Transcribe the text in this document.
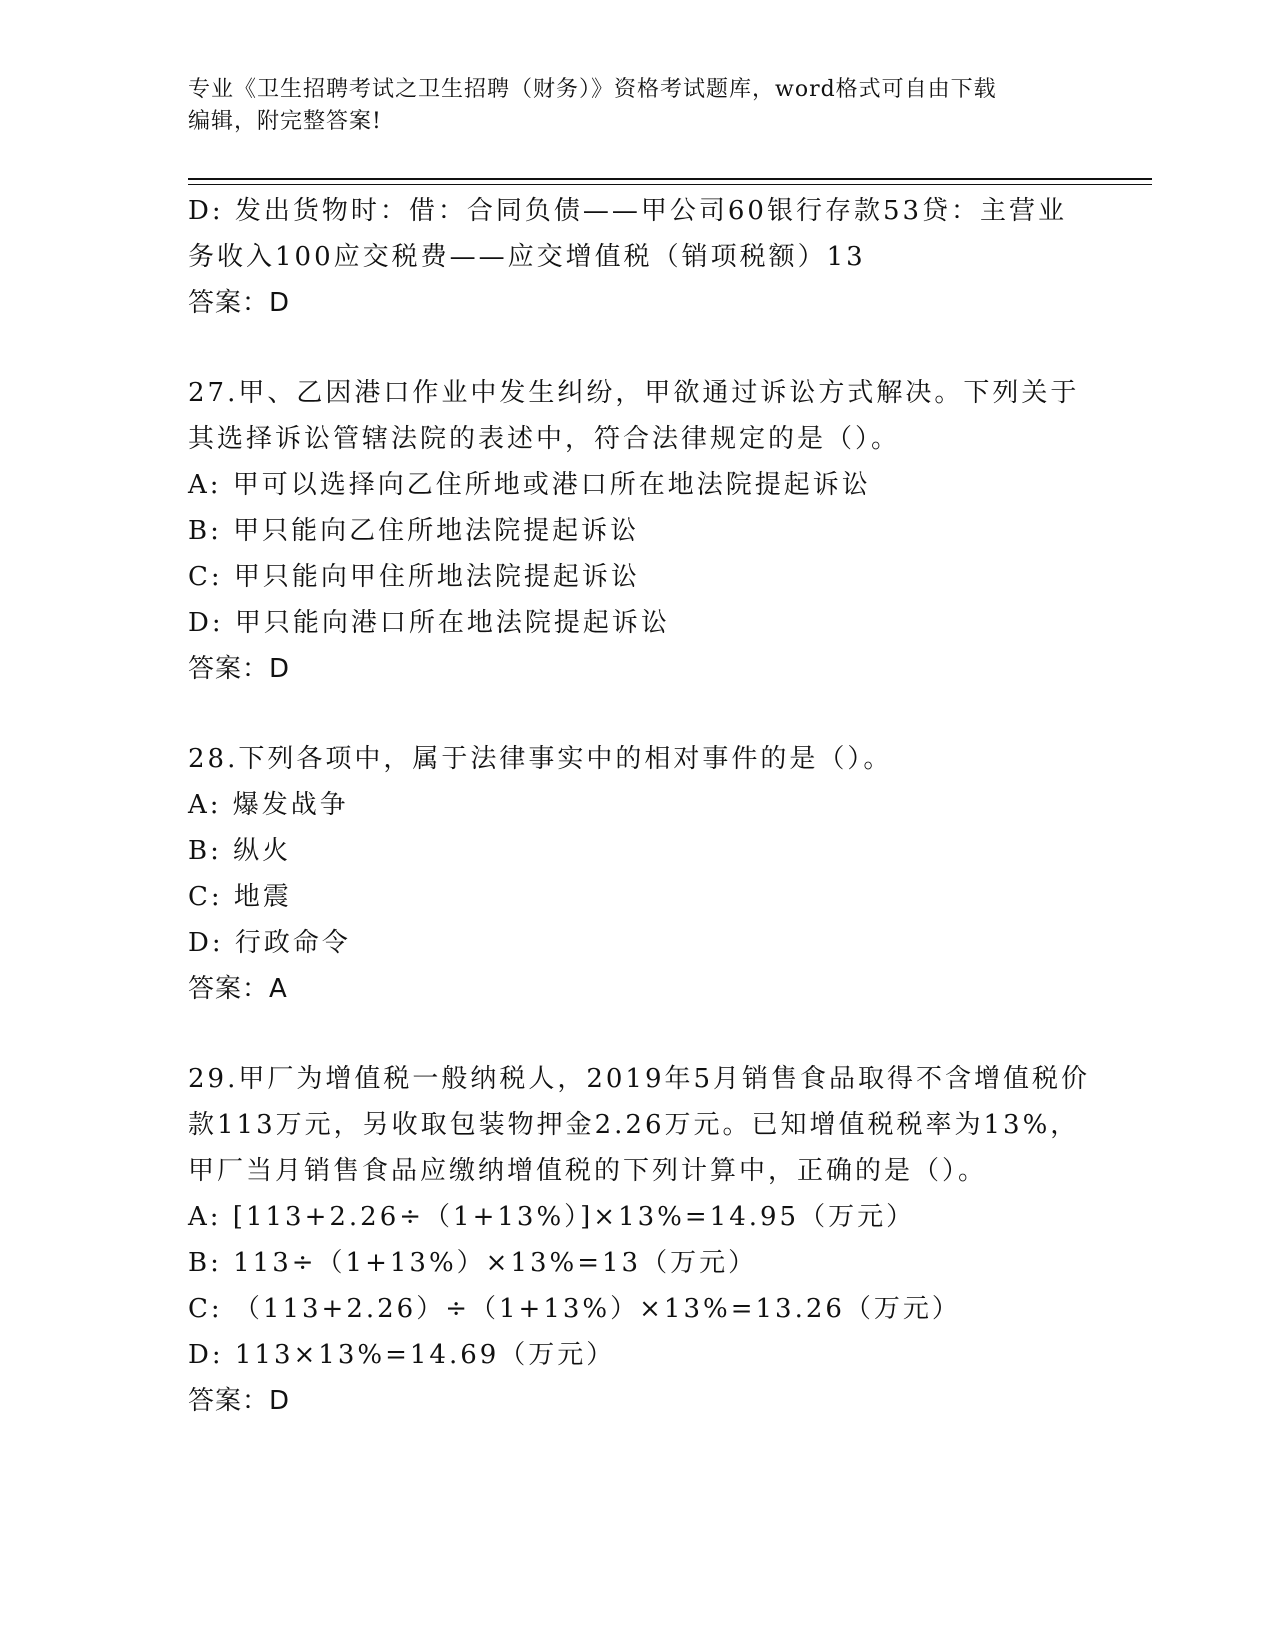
专业《卫生招聘考试之卫生招聘（财务）》资格考试题库，word格式可自由下载
编辑，附完整答案!
D: 发出货物时：借：合同负债——甲公司60银行存款53贷：主营业
务收入100应交税费——应交增值税（销项税额）13
答案：D
27.甲、乙因港口作业中发生纠纷，甲欲通过诉讼方式解决。下列关于
其选择诉讼管辖法院的表述中，符合法律规定的是（）。
A: 甲可以选择向乙住所地或港口所在地法院提起诉讼
B: 甲只能向乙住所地法院提起诉讼
C: 甲只能向甲住所地法院提起诉讼
D: 甲只能向港口所在地法院提起诉讼
答案：D
28.下列各项中，属于法律事实中的相对事件的是（）。
A: 爆发战争
B: 纵火
C: 地震
D: 行政命令
答案：A
29.甲厂为增值税一般纳税人，2019年5月销售食品取得不含增值税价
款113万元，另收取包装物押金2.26万元。已知增值税税率为13%，
甲厂当月销售食品应缴纳增值税的下列计算中，正确的是（）。
A: [113+2.26÷（1+13%）]×13%=14.95（万元）
B: 113÷（1+13%）×13%=13（万元）
C: （113+2.26）÷（1+13%）×13%=13.26（万元）
D: 113×13%=14.69（万元）
答案：D
